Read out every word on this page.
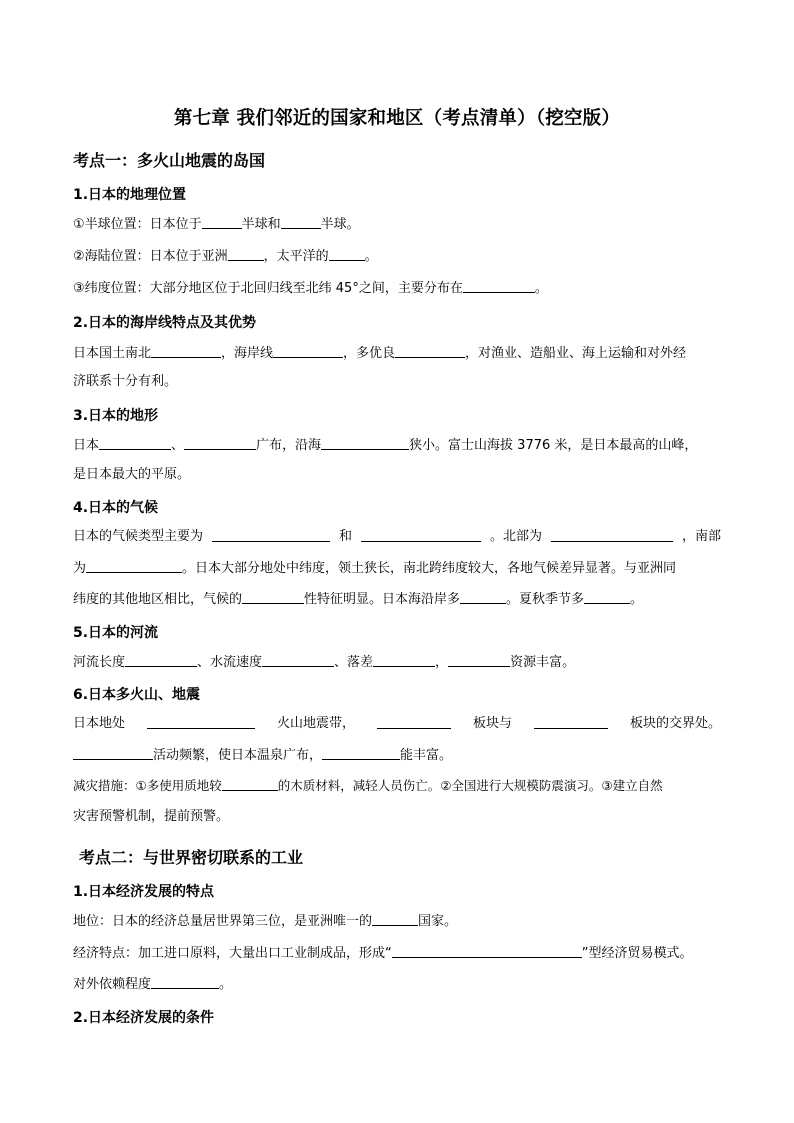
第七章 我们邻近的国家和地区（考点清单）（挖空版）
考点一：多火山地震的岛国
1.日本的地理位置
①半球位置：日本位于	半球和	半球。
②海陆位置：日本位于亚洲	，太平洋的	。
③纬度位置：大部分地区位于北回归线至北纬 45°之间，主要分布在	。
2.日本的海岸线特点及其优势
日本国土南北	，海岸线	，多优良	，对渔业、造船业、海上运输和对外经
济联系十分有利。
3.日本的地形
日本	、	广布，沿海	狭小。富士山海拔 3776 米，是日本最高的山峰，
是日本最大的平原。
4.日本的气候
日本的气候类型主要为	和	。北部为	，南部
为	。日本大部分地处中纬度，领土狭长，南北跨纬度较大，各地气候差异显著。与亚洲同
纬度的其他地区相比，气候的	性特征明显。日本海沿岸多	。夏秋季节多	。
5.日本的河流
河流长度	、水流速度	、落差	，	资源丰富。
6.日本多火山、地震
日本地处	火山地震带，	板块与	板块的交界处。
活动频繁，使日本温泉广布，	能丰富。
减灾措施：①多使用质地较	的木质材料，减轻人员伤亡。②全国进行大规模防震演习。③建立自然
灾害预警机制，提前预警。
考点二：与世界密切联系的工业
1.日本经济发展的特点
地位：日本的经济总量居世界第三位，是亚洲唯一的	国家。
经济特点：加工进口原料，大量出口工业制成品，形成“	”型经济贸易模式。
对外依赖程度	。
2.日本经济发展的条件
